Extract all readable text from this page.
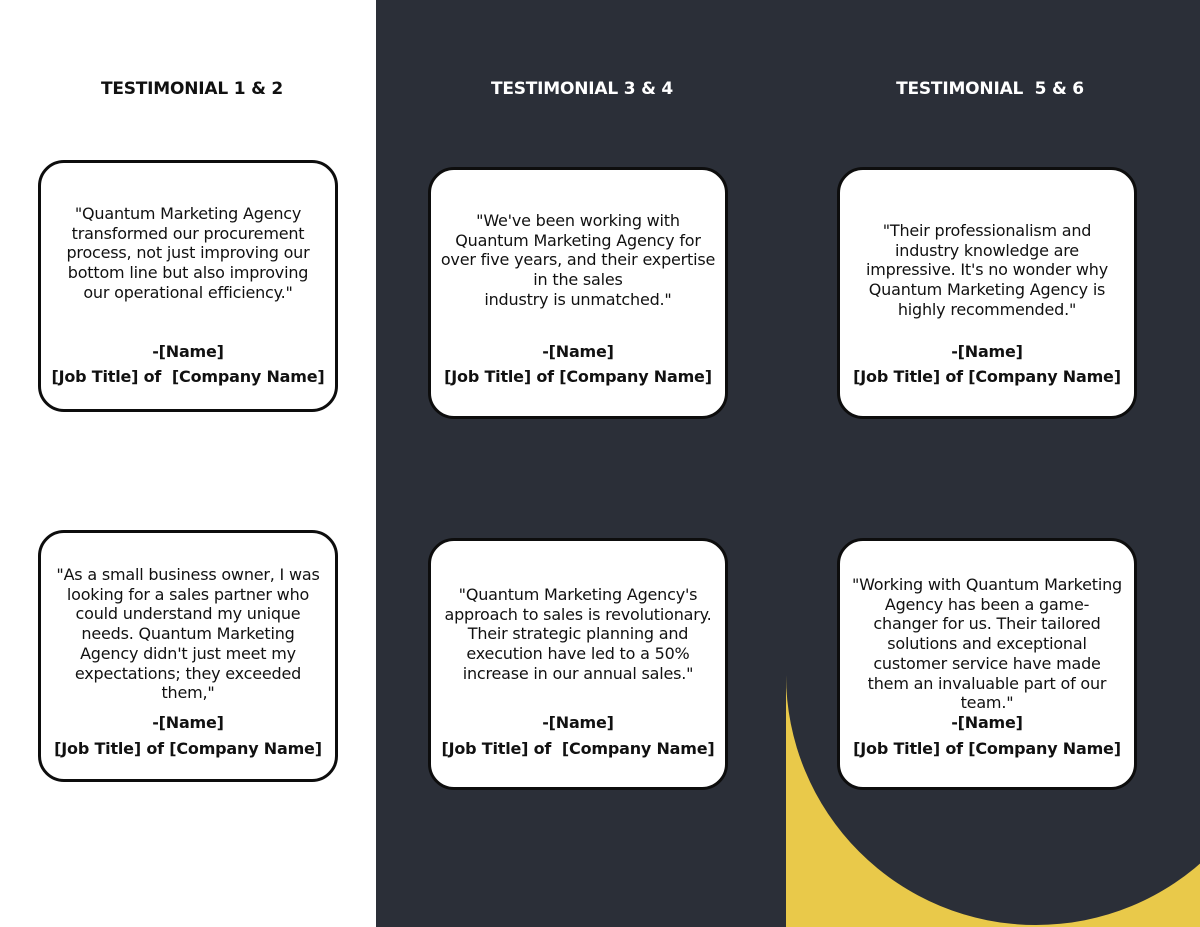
TESTIMONIAL 1 & 2	TESTIMONIAL 3 & 4	TESTIMONIAL  5 & 6
"Quantum Marketing Agency
transformed our procurement
process, not just improving our
bottom line but also improving
our operational efficiency."
-[Name]
[Job Title] of  [Company Name]
"As a small business owner, I was
looking for a sales partner who
could understand my unique
needs. Quantum Marketing
Agency didn't just meet my
expectations; they exceeded
them,"
-[Name]
[Job Title] of [Company Name]
"We've been working with
Quantum Marketing Agency for
over five years, and their expertise
in the sales
industry is unmatched."
-[Name]
[Job Title] of [Company Name]
"Quantum Marketing Agency's
approach to sales is revolutionary.
Their strategic planning and
execution have led to a 50%
increase in our annual sales."
-[Name]
[Job Title] of  [Company Name]
"Their professionalism and
industry knowledge are
impressive. It's no wonder why
Quantum Marketing Agency is
highly recommended."
-[Name]
[Job Title] of [Company Name]
"Working with Quantum Marketing
Agency has been a game-
changer for us. Their tailored
solutions and exceptional
customer service have made
them an invaluable part of our
team."
-[Name]
[Job Title] of [Company Name]
